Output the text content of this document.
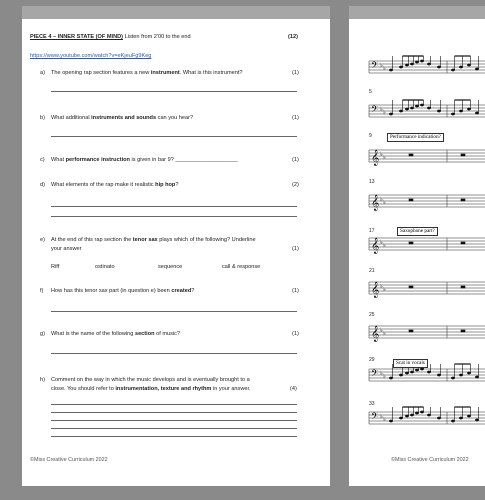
COURTNEY PINE

BACK IN THE DAY

PIECE 4 – INNER STATE (OF MIND) Listen from 2'00 to the end	(12)
https://www.youtube.com/watch?v=eKjeuFg9Keg
a) The opening rap section features a new instrument. What is this instrument?	(1)
b) What additional instruments and sounds can you hear?	(1)
c) What performance instruction is given in bar 9? ____________________	(1)
d) What elements of the rap make it realistic hip hop?	(2)
e) At the end of this rap section the tenor sax plays which of the following? Underline
your answer	(1)
Riff	ostinato	sequence	call & response
f) How has this tenor sax part (in question e) been created?	(1)
g) What is the name of the following section of music?	(1)
h) Comment on the way in which the music develops and is eventually brought to a
close. You should refer to instrumentation, texture and rhythm in your answer.	(4)
©Miss Creative Curriculum 2022

COURTNEY

𝄢 ♭ ♭
𝄢 ♭ ♭
𝄞 ♭ ♭
𝄞 ♭ ♭
𝄞 ♭ ♭
𝄞 ♭ ♭
𝄞 ♭ ♭
𝄢 ♭ ♭
𝄢 ♭ ♭
5
9
13
17
21
25
29
33
Performance indication?
Saxophone part?
Scat in vocals
©Miss Creative Curriculum 2022
